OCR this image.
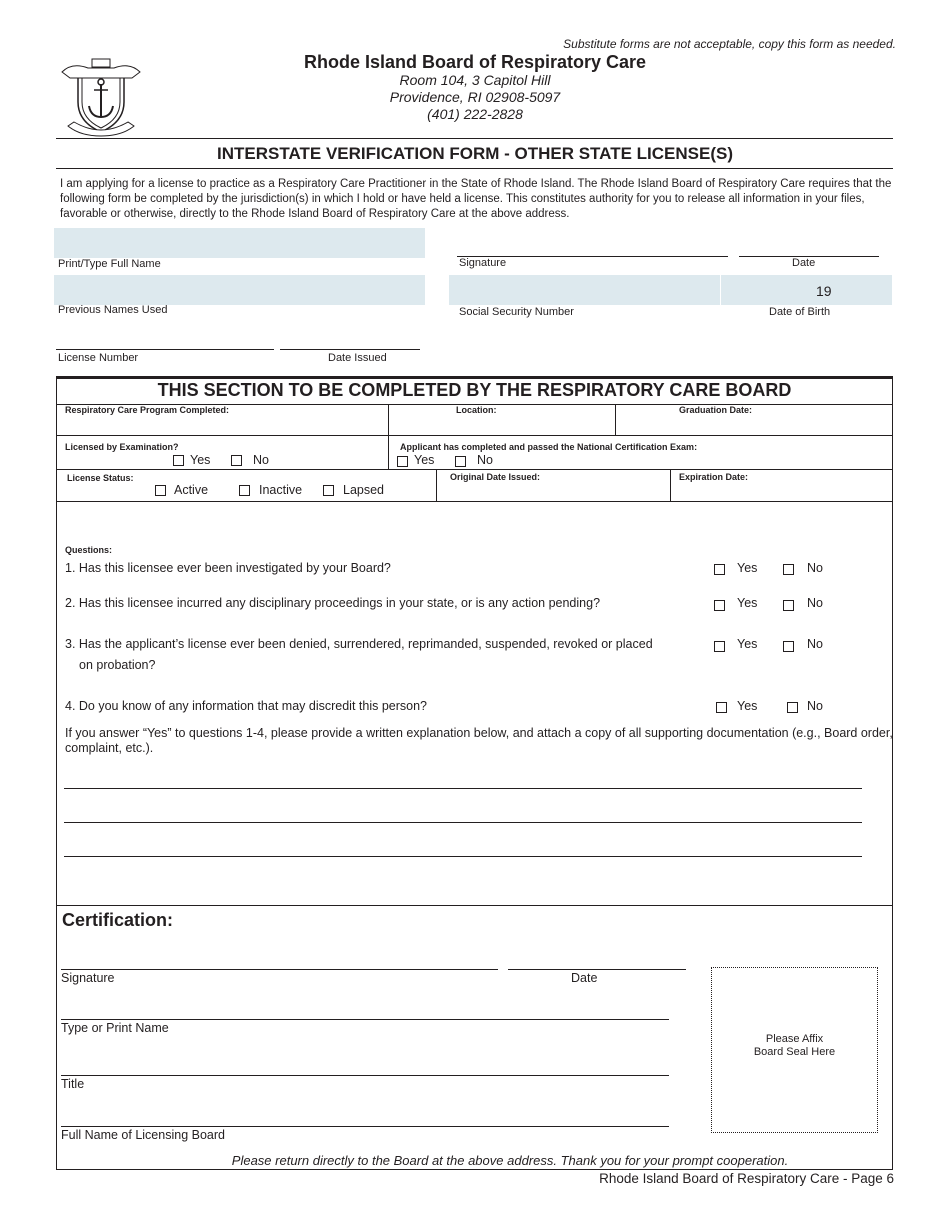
Substitute forms are not acceptable, copy this form as needed.
Rhode Island Board of Respiratory Care
Room 104, 3 Capitol Hill
Providence, RI 02908-5097
(401) 222-2828
INTERSTATE VERIFICATION FORM - OTHER STATE LICENSE(S)
I am applying for a license to practice as a Respiratory Care Practitioner in the State of Rhode Island. The Rhode Island Board of Respiratory Care requires that the following form be completed by the jurisdiction(s) in which I hold or have held a license. This constitutes authority for you to release all information in your files, favorable or otherwise, directly to the Rhode Island Board of Respiratory Care at the above address.
Print/Type Full Name	Signature	Date
Previous Names Used	Social Security Number
19
Date of Birth
License Number	Date Issued
THIS SECTION TO BE COMPLETED BY THE RESPIRATORY CARE BOARD
Respiratory Care Program Completed:	Location:	Graduation Date:
Licensed by Examination?
Yes	No
Applicant has completed and passed the National Certification Exam:
Yes	No
License Status:
Active	Inactive	Lapsed
Original Date Issued:	Expiration Date:
Questions:
1. Has this licensee ever been investigated by your Board?	Yes	No
2. Has this licensee incurred any disciplinary proceedings in your state, or is any action pending?	Yes	No
3. Has the applicant’s license ever been denied, surrendered, reprimanded, suspended, revoked or placed
on probation?
Yes	No
4. Do you know of any information that may discredit this person?	Yes	No
If you answer “Yes” to questions 1-4, please provide a written explanation below, and attach a copy of all supporting documentation (e.g., Board order, complaint, etc.).
Certification:
Signature	Date
Type or Print Name
Title
Full Name of Licensing Board
Please Affix
Board Seal Here
Please return directly to the Board at the above address. Thank you for your prompt cooperation.
Rhode Island Board of Respiratory Care - Page 6
